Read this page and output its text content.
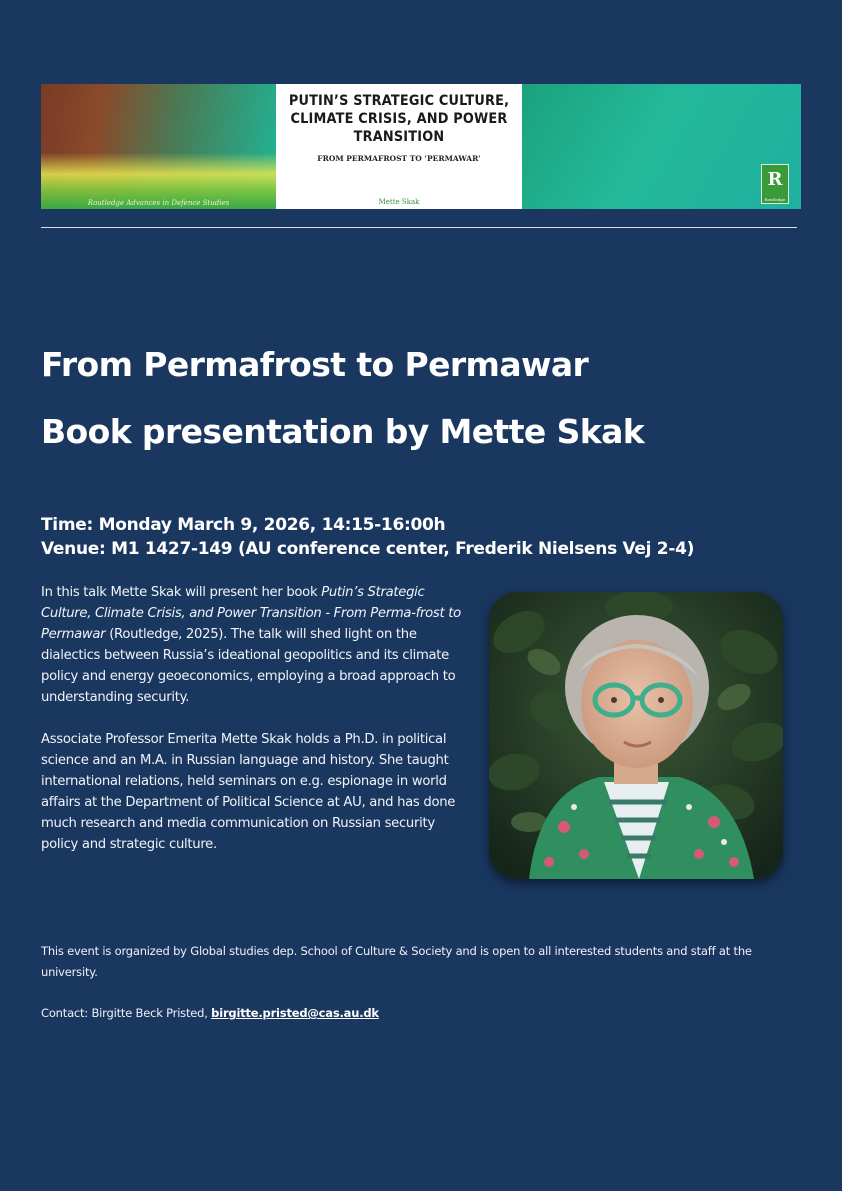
Routledge Advances in Defence Studies
PUTIN’S STRATEGIC CULTURE,
CLIMATE CRISIS, AND POWER
TRANSITION
FROM PERMAFROST TO ‘PERMAWAR’
Mette Skak
R
Routledge
From Permafrost to Permawar
Book presentation by Mette Skak
Time: Monday March 9, 2026, 14:15-16:00h
Venue: M1 1427-149 (AU conference center, Frederik Nielsens Vej 2-4)

In this talk Mette Skak will present her book Putin’s Strategic Culture, Climate Crisis, and Power Transition - From Perma-frost to Permawar (Routledge, 2025). The talk will shed light on the dialectics between Russia’s ideational geopolitics and its climate policy and energy geoeconomics, employing a broad approach to understanding security.

Associate Professor Emerita Mette Skak holds a Ph.D. in political science and an M.A. in Russian language and history. She taught international relations, held seminars on e.g. espionage in world affairs at the Department of Political Science at AU, and has done much research and media communication on Russian security policy and strategic culture.

This event is organized by Global studies dep. School of Culture & Society and is open to all interested students and staff at the university.

Contact: Birgitte Beck Pristed, birgitte.pristed@cas.au.dk
